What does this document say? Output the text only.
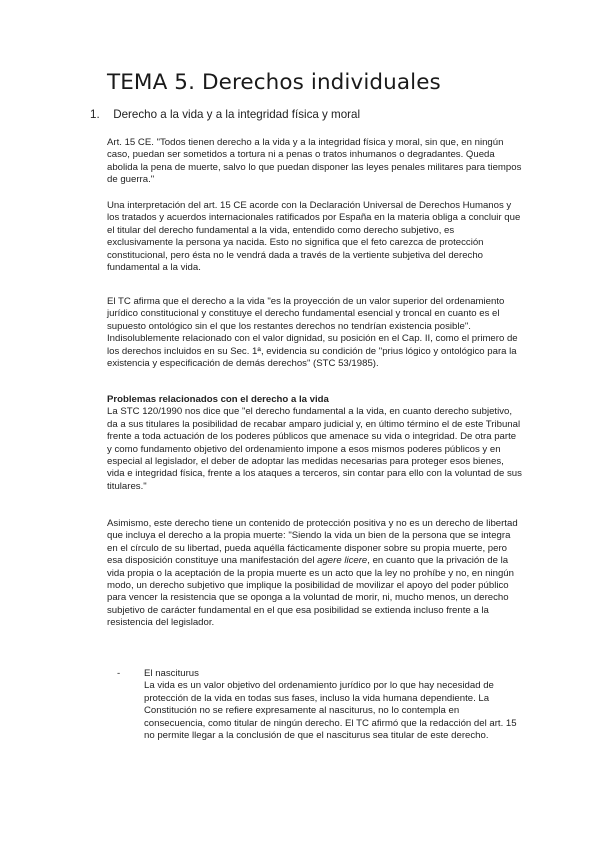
TEMA 5. Derechos individuales
1. Derecho a la vida y a la integridad física y moral

Art. 15 CE. "Todos tienen derecho a la vida y a la integridad física y moral, sin que, en ningún caso, puedan ser sometidos a tortura ni a penas o tratos inhumanos o degradantes. Queda abolida la pena de muerte, salvo lo que puedan disponer las leyes penales militares para tiempos de guerra."

Una interpretación del art. 15 CE acorde con la Declaración Universal de Derechos Humanos y los tratados y acuerdos internacionales ratificados por España en la materia obliga a concluir que el titular del derecho fundamental a la vida, entendido como derecho subjetivo, es exclusivamente la persona ya nacida. Esto no significa que el feto carezca de protección constitucional, pero ésta no le vendrá dada a través de la vertiente subjetiva del derecho fundamental a la vida.

El TC afirma que el derecho a la vida "es la proyección de un valor superior del ordenamiento jurídico constitucional y constituye el derecho fundamental esencial y troncal en cuanto es el supuesto ontológico sin el que los restantes derechos no tendrían existencia posible". Indisolublemente relacionado con el valor dignidad, su posición en el Cap. II, como el primero de los derechos incluidos en su Sec. 1ª, evidencia su condición de "prius lógico y ontológico para la existencia y especificación de demás derechos" (STC 53/1985).

Problemas relacionados con el derecho a la vida

La STC 120/1990 nos dice que "el derecho fundamental a la vida, en cuanto derecho subjetivo, da a sus titulares la posibilidad de recabar amparo judicial y, en último término el de este Tribunal frente a toda actuación de los poderes públicos que amenace su vida o integridad. De otra parte y como fundamento objetivo del ordenamiento impone a esos mismos poderes públicos y en especial al legislador, el deber de adoptar las medidas necesarias para proteger esos bienes, vida e integridad física, frente a los ataques a terceros, sin contar para ello con la voluntad de sus titulares."

Asimismo, este derecho tiene un contenido de protección positiva y no es un derecho de libertad que incluya el derecho a la propia muerte: "Siendo la vida un bien de la persona que se integra en el círculo de su libertad, pueda aquélla fácticamente disponer sobre su propia muerte, pero esa disposición constituye una manifestación del agere licere, en cuanto que la privación de la vida propia o la aceptación de la propia muerte es un acto que la ley no prohíbe y no, en ningún modo, un derecho subjetivo que implique la posibilidad de movilizar el apoyo del poder público para vencer la resistencia que se oponga a la voluntad de morir, ni, mucho menos, un derecho subjetivo de carácter fundamental en el que esa posibilidad se extienda incluso frente a la resistencia del legislador.

- El nasciturus

La vida es un valor objetivo del ordenamiento jurídico por lo que hay necesidad de protección de la vida en todas sus fases, incluso la vida humana dependiente. La Constitución no se refiere expresamente al nasciturus, no lo contempla en consecuencia, como titular de ningún derecho. El TC afirmó que la redacción del art. 15 no permite llegar a la conclusión de que el nasciturus sea titular de este derecho.
